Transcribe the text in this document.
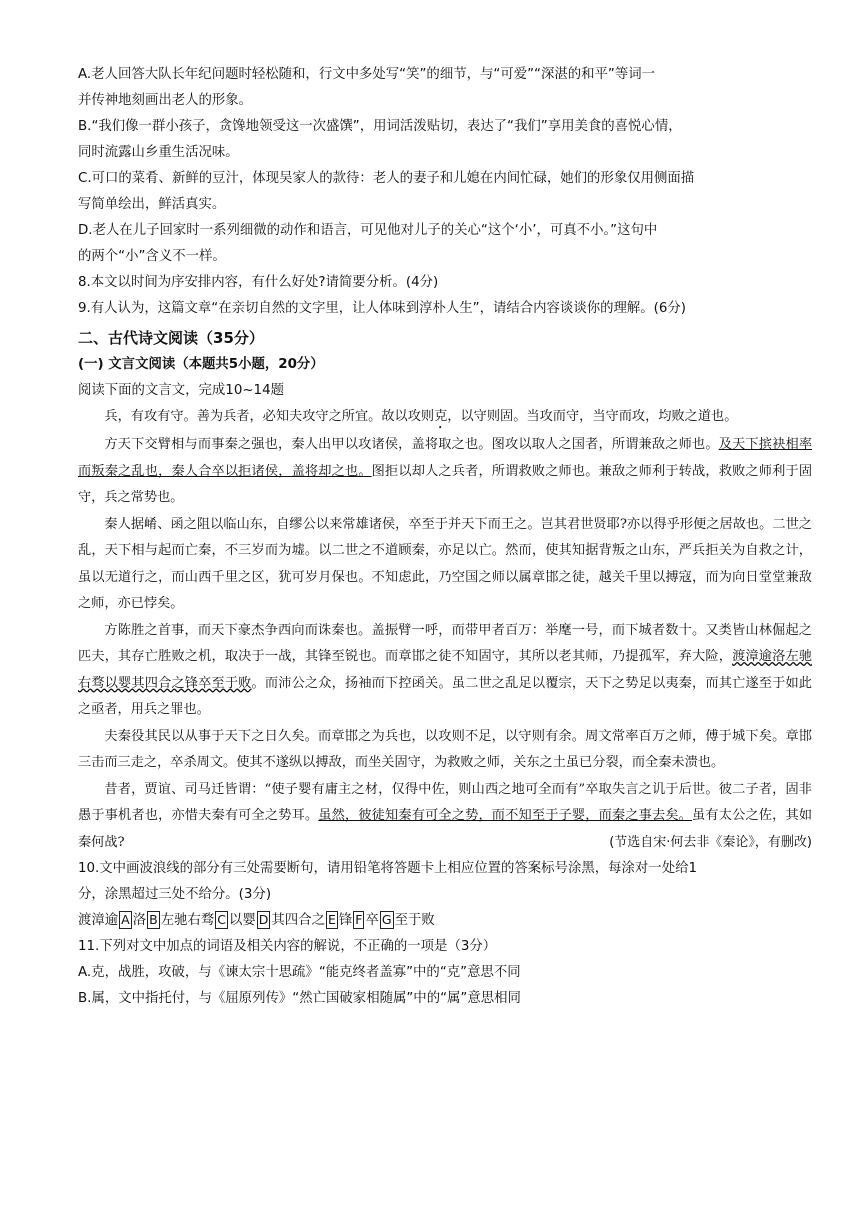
A.老人回答大队长年纪问题时轻松随和，行文中多处写“笑”的细节，与“可爱”“深湛的和平”等词一
并传神地刻画出老人的形象。
B.“我们像一群小孩子，贪馋地领受这一次盛馔”，用词活泼贴切，表达了“我们”享用美食的喜悦心情，
同时流露山乡重生活况味。
C.可口的菜肴、新鲜的豆汁，体现吴家人的款待：老人的妻子和儿媳在内间忙碌，她们的形象仅用侧面描
写简单绘出，鲜活真实。
D.老人在儿子回家时一系列细微的动作和语言，可见他对儿子的关心“这个‘小’，可真不小。”这句中
的两个“小”含义不一样。
8.本文以时间为序安排内容，有什么好处?请简要分析。(4分)
9.有人认为，这篇文章“在亲切自然的文字里，让人体味到淳朴人生”，请结合内容谈谈你的理解。(6分)
二、古代诗文阅读（35分）
(一) 文言文阅读（本题共5小题，20分）
阅读下面的文言文，完成10~14题
兵，有攻有守。善为兵者，必知夫攻守之所宜。故以攻则克，以守则固。当攻而守，当守而攻，均败之道也。
方天下交臂相与而事秦之强也，秦人出甲以攻诸侯，盖将取之也。图攻以取人之国者，所谓兼敌之师也。及天下摈袂相率而叛秦之乱也，秦人合卒以拒诸侯，盖将却之也。图拒以却人之兵者，所谓救败之师也。兼敌之师利于转战，救败之师利于固守，兵之常势也。
秦人据崤、函之阻以临山东，自缪公以来常雄诸侯，卒至于并天下而王之。岂其君世贤耶?亦以得乎形便之居故也。二世之乱，天下相与起而亡秦，不三岁而为墟。以二世之不道顾秦，亦足以亡。然而，使其知据背叛之山东，严兵拒关为自救之计，虽以无道行之，而山西千里之区，犹可岁月保也。不知虑此，乃空国之师以属章邯之徒，越关千里以搏寇，而为向日堂堂兼敌之师，亦已悖矣。
方陈胜之首事，而天下豪杰争西向而诛秦也。盖振臂一呼，而带甲者百万：举麾一号，而下城者数十。又类皆山林倔起之匹夫，其存亡胜败之机，取决于一战，其锋至锐也。而章邯之徒不知固守，其所以老其师，乃提孤军，弃大险，渡漳逾洛左驰右骛以婴其四合之锋卒至于败。而沛公之众，扬袖而下控函关。虽二世之乱足以覆宗，天下之势足以夷秦，而其亡遂至于如此之亟者，用兵之罪也。
夫秦役其民以从事于天下之日久矣。而章邯之为兵也，以攻则不足，以守则有余。周文常率百万之师，傅于城下矣。章邯三击而三走之，卒杀周文。使其不遂纵以搏敌，而坐关固守，为救败之师，关东之土虽已分裂，而全秦未溃也。
昔者，贾谊、司马迁皆谓：“使子婴有庸主之材，仅得中佐，则山西之地可全而有”卒取失言之讥于后世。彼二子者，固非愚于事机者也，亦惜夫秦有可全之势耳。虽然，彼徒知秦有可全之势，而不知至于子婴，而秦之事去矣。虽有太公之佐，其如秦何战?	(节选自宋·何去非《秦论》，有删改)
10.文中画波浪线的部分有三处需要断句，请用铅笔将答题卡上相应位置的答案标号涂黑，每涂对一处给1
分，涂黑超过三处不给分。(3分)
渡漳逾 A 洛 B 左驰右骛 C 以婴 D 其四合之 E 锋 F 卒 G 至于败
11.下列对文中加点的词语及相关内容的解说，不正确的一项是（3分）
A.克，战胜，攻破，与《谏太宗十思疏》“能克终者盖寡”中的“克”意思不同
B.属，文中指托付，与《屈原列传》“然亡国破家相随属”中的“属”意思相同
